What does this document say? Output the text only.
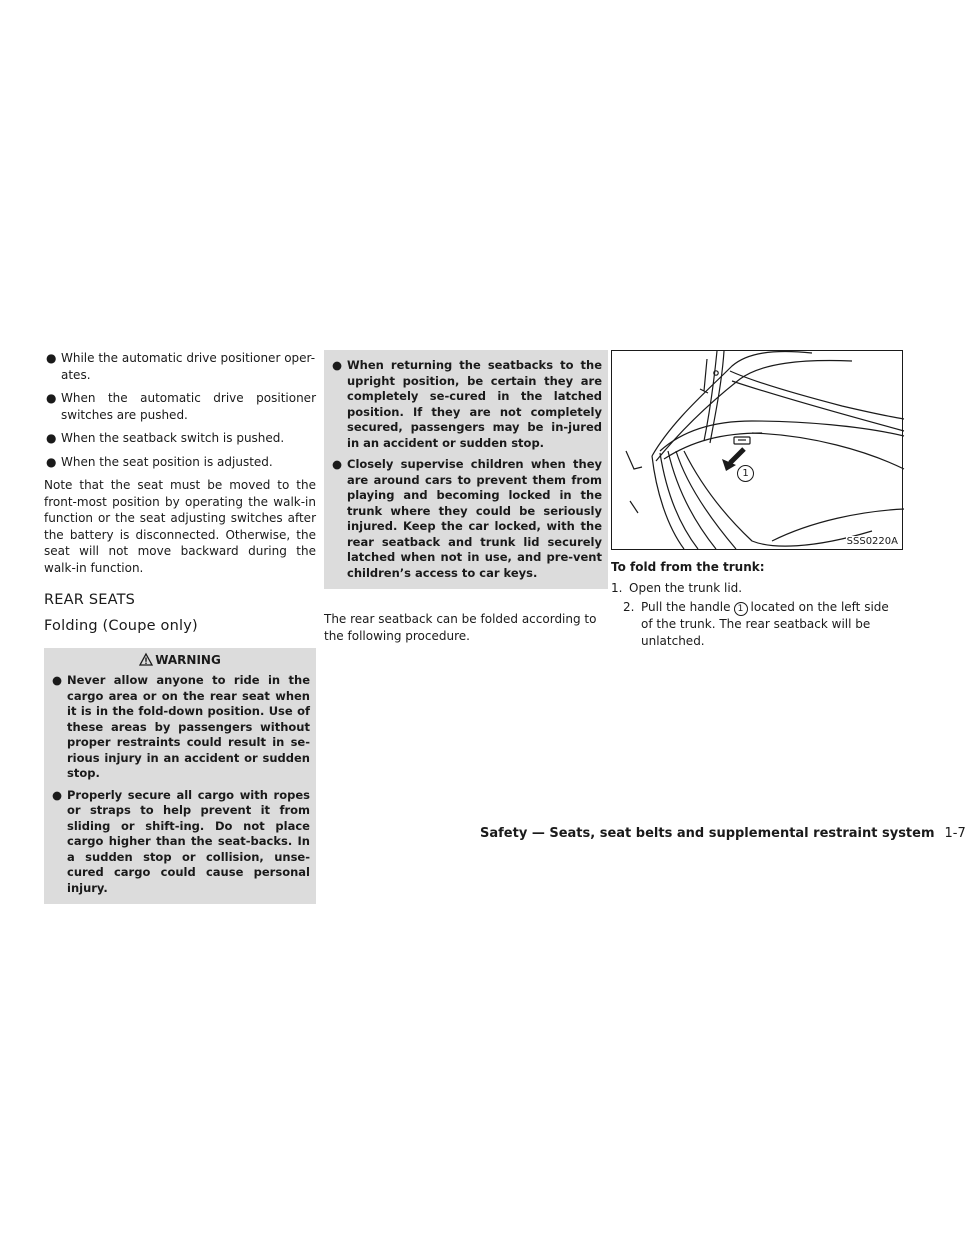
● While the automatic drive positioner oper-ates.
● When the automatic drive positioner switches are pushed.
● When the seatback switch is pushed.
● When the seat position is adjusted.

Note that the seat must be moved to the front-most position by operating the walk-in function or the seat adjusting switches after the battery is disconnected. Otherwise, the seat will not move backward during the walk-in function.

REAR SEATS
Folding (Coupe only)
WARNING
● Never allow anyone to ride in the cargo area or on the rear seat when it is in the fold-down position. Use of these areas by passengers without proper restraints could result in se-rious injury in an accident or sudden stop.
● Properly secure all cargo with ropes or straps to help prevent it from sliding or shift-ing. Do not place cargo higher than the seat-backs. In a sudden stop or collision, unse-cured cargo could cause personal injury.
● When returning the seatbacks to the upright position, be certain they are completely se-cured in the latched position. If they are not completely secured, passengers may be in-jured in an accident or sudden stop.
● Closely supervise children when they are around cars to prevent them from playing and becoming locked in the trunk where they could be seriously injured. Keep the car locked, with the rear seatback and trunk lid securely latched when not in use, and pre-vent children’s access to car keys.

The rear seatback can be folded according to the following procedure.

1
SSS0220A

To fold from the trunk:

1. Open the trunk lid.
2. Pull the handle 1 located on the left side of the trunk. The rear seatback will be unlatched.
Safety — Seats, seat belts and supplemental restraint system 1-7
